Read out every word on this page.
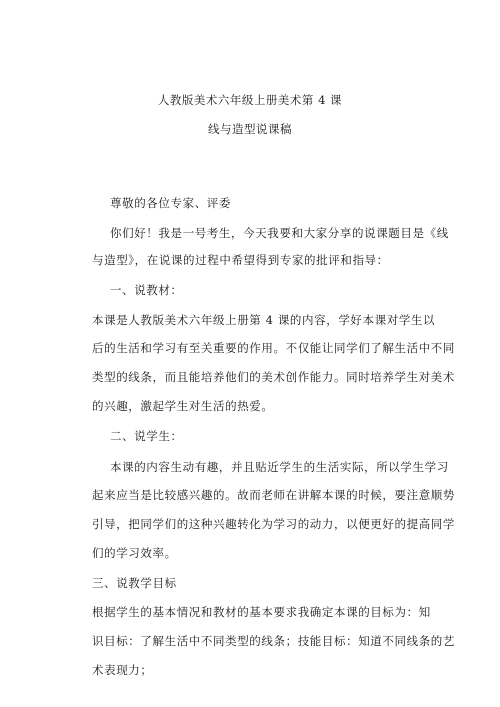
人教版美术六年级上册美术第 4 课
线与造型说课稿
尊敬的各位专家、评委
你们好！我是一号考生，今天我要和大家分享的说课题目是《线
与造型》，在说课的过程中希望得到专家的批评和指导：
一、说教材：
本课是人教版美术六年级上册第 4 课的内容，学好本课对学生以
后的生活和学习有至关重要的作用。不仅能让同学们了解生活中不同
类型的线条，而且能培养他们的美术创作能力。同时培养学生对美术
的兴趣，激起学生对生活的热爱。
二、说学生：
本课的内容生动有趣，并且贴近学生的生活实际，所以学生学习
起来应当是比较感兴趣的。故而老师在讲解本课的时候，要注意顺势
引导，把同学们的这种兴趣转化为学习的动力，以便更好的提高同学
们的学习效率。
三、说教学目标
根据学生的基本情况和教材的基本要求我确定本课的目标为：知
识目标：了解生活中不同类型的线条；技能目标：知道不同线条的艺
术表现力；
